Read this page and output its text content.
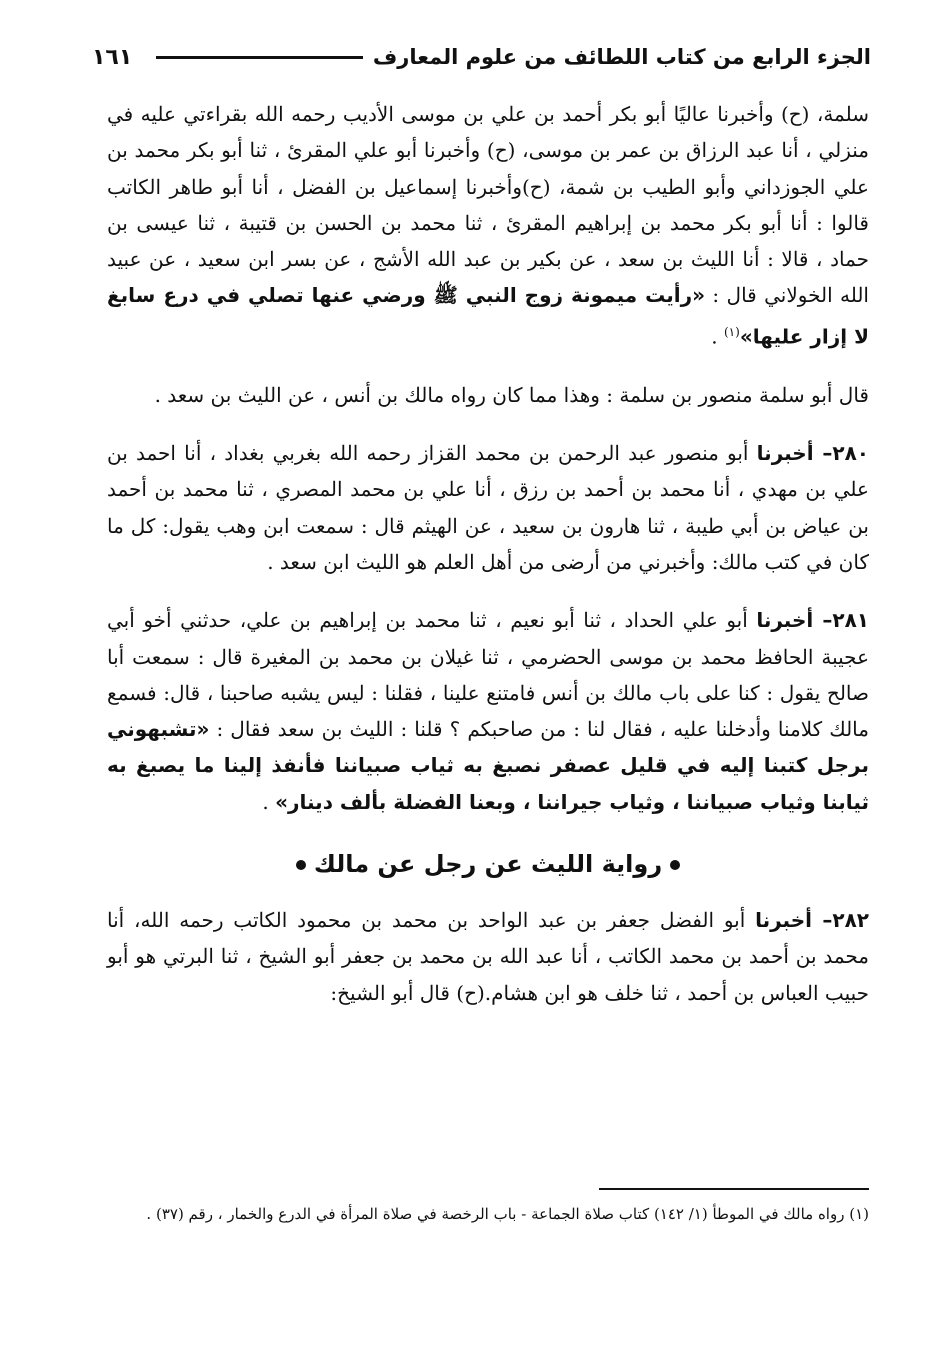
الجزء الرابع من كتاب اللطائف من علوم المعارف
١٦١

سلمة، (ح) وأخبرنا عاليًا أبو بكر أحمد بن علي بن موسى الأديب رحمه الله بقراءتي عليه في منزلي ، أنا عبد الرزاق بن عمر بن موسى، (ح) وأخبرنا أبو علي المقرئ ، ثنا أبو بكر محمد بن علي الجوزداني وأبو الطيب بن شمة، (ح)وأخبرنا إسماعيل بن الفضل ، أنا أبو طاهر الكاتب قالوا : أنا أبو بكر محمد بن إبراهيم المقرئ ، ثنا محمد بن الحسن بن قتيبة ، ثنا عيسى بن حماد ، قالا : أنا الليث بن سعد ، عن بكير بن عبد الله الأشج ، عن بسر ابن سعيد ، عن عبيد الله الخولاني قال : «رأيت ميمونة زوج النبي ﷺ ورضي عنها تصلي في درع سابغ لا إزار عليها»$^{(١)}$ .

قال أبو سلمة منصور بن سلمة : وهذا مما كان رواه مالك بن أنس ، عن الليث بن سعد .

٢٨٠– أخبرنا أبو منصور عبد الرحمن بن محمد القزاز رحمه الله بغربي بغداد ، أنا احمد بن علي بن مهدي ، أنا محمد بن أحمد بن رزق ، أنا علي بن محمد المصري ، ثنا محمد بن أحمد بن عياض بن أبي طيبة ، ثنا هارون بن سعيد ، عن الهيثم قال : سمعت ابن وهب يقول: كل ما كان في كتب مالك: وأخبرني من أرضى من أهل العلم هو الليث ابن سعد .

٢٨١– أخبرنا أبو علي الحداد ، ثنا أبو نعيم ، ثنا محمد بن إبراهيم بن علي، حدثني أخو أبي عجيبة الحافظ محمد بن موسى الحضرمي ، ثنا غيلان بن محمد بن المغيرة قال : سمعت أبا صالح يقول : كنا على باب مالك بن أنس فامتنع علينا ، فقلنا : ليس يشبه صاحبنا ، قال: فسمع مالك كلامنا وأدخلنا عليه ، فقال لنا : من صاحبكم ؟ قلنا : الليث بن سعد فقال : «تشبهوني برجل كتبنا إليه في قليل عصفر نصبغ به ثياب صبياننا فأنفذ إلينا ما يصبغ به ثيابنا وثياب صبياننا ، وثياب جيراننا ، وبعنا الفضلة بألف دينار» .

رواية الليث عن رجل عن مالك

٢٨٢– أخبرنا أبو الفضل جعفر بن عبد الواحد بن محمد بن محمود الكاتب رحمه الله، أنا محمد بن أحمد بن محمد الكاتب ، أنا عبد الله بن محمد بن جعفر أبو الشيخ ، ثنا البرتي هو أبو حبيب العباس بن أحمد ، ثنا خلف هو ابن هشام.(ح) قال أبو الشيخ:

(١) رواه مالك في الموطأ (١/ ١٤٢) كتاب صلاة الجماعة - باب الرخصة في صلاة المرأة في الدرع والخمار ، رقم (٣٧) .
